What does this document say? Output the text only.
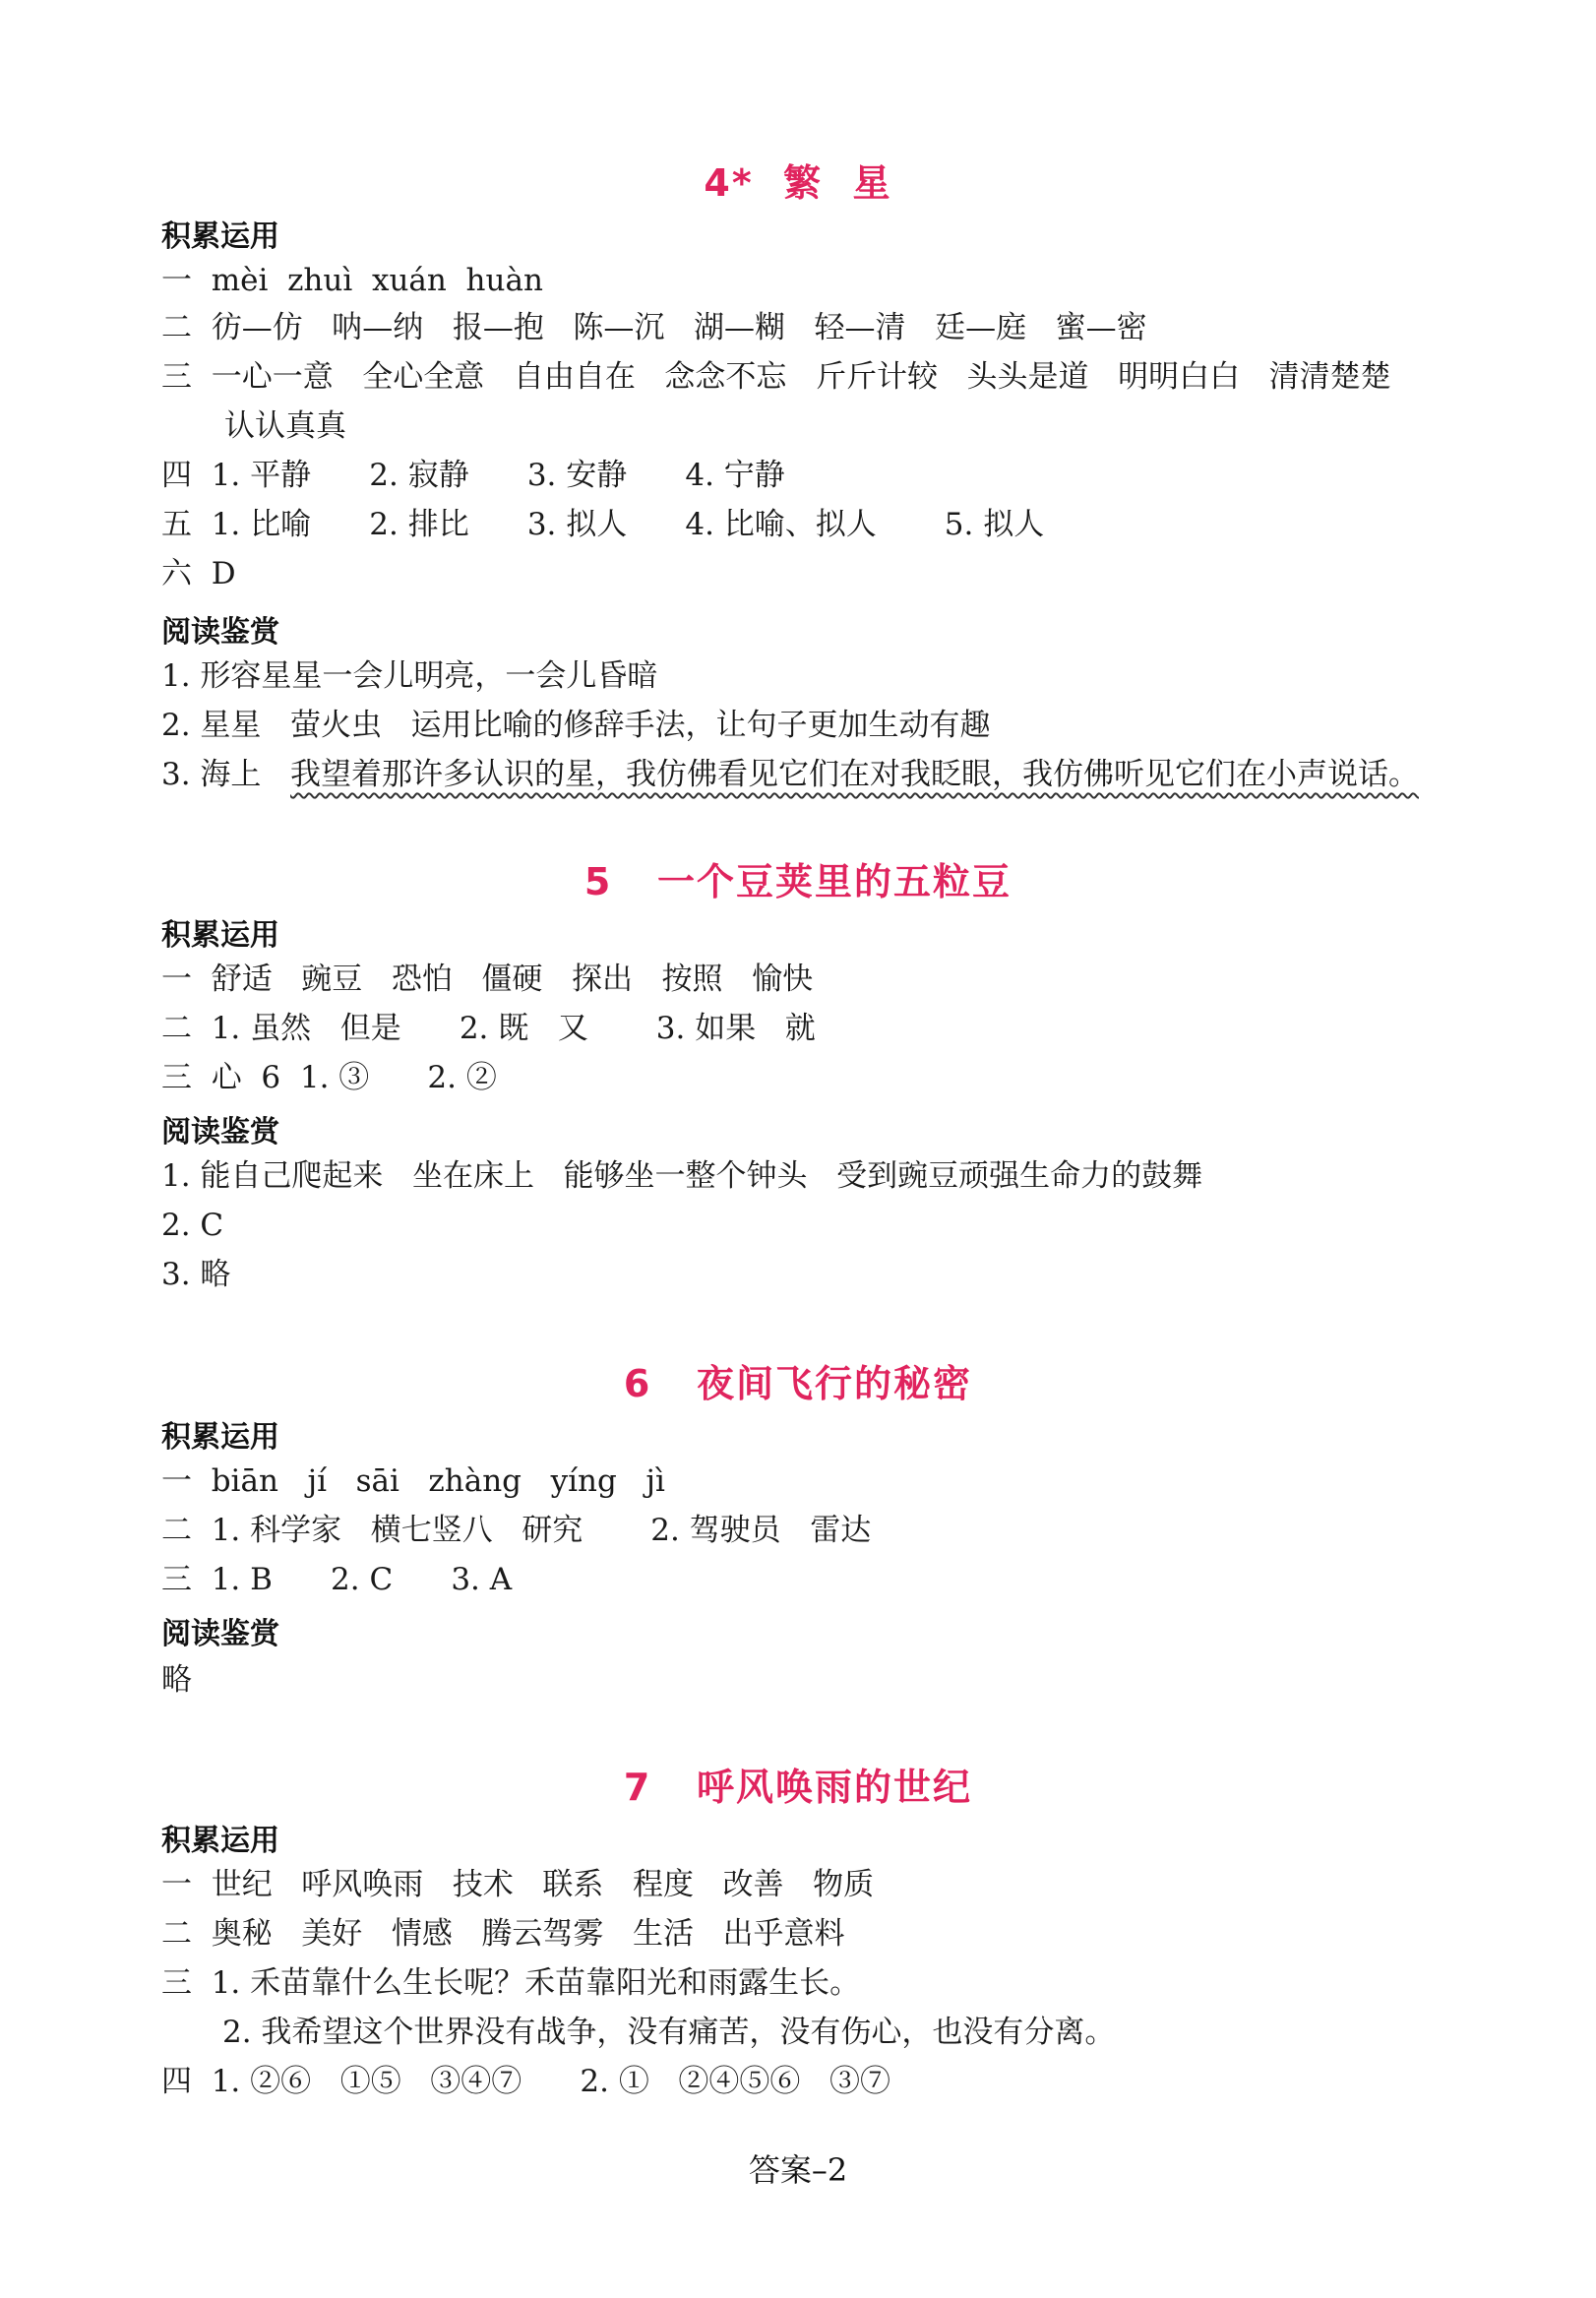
4*  繁  星
积累运用
一  mèi  zhuì  xuán  huàn
二  彷—仿   呐—纳   报—抱   陈—沉   湖—糊   轻—清   廷—庭   蜜—密
三  一心一意   全心全意   自由自在   念念不忘   斤斤计较   头头是道   明明白白   清清楚楚
认认真真
四  1. 平静      2. 寂静      3. 安静      4. 宁静
五  1. 比喻      2. 排比      3. 拟人      4. 比喻、拟人       5. 拟人
六  D
阅读鉴赏
1. 形容星星一会儿明亮，一会儿昏暗
2. 星星   萤火虫   运用比喻的修辞手法，让句子更加生动有趣
3. 海上   我望着那许多认识的星，我仿佛看见它们在对我眨眼，我仿佛听见它们在小声说话。
5   一个豆荚里的五粒豆
积累运用
一  舒适   豌豆   恐怕   僵硬   探出   按照   愉快
二  1. 虽然   但是      2. 既   又       3. 如果   就
三  心  6  1. ③      2. ②
阅读鉴赏
1. 能自己爬起来   坐在床上   能够坐一整个钟头   受到豌豆顽强生命力的鼓舞
2. C
3. 略
6   夜间飞行的秘密
积累运用
一  biān   jí   sāi   zhàng   yíng   jì
二  1. 科学家   横七竖八   研究       2. 驾驶员   雷达
三  1. B      2. C      3. A
阅读鉴赏
略
7   呼风唤雨的世纪
积累运用
一  世纪   呼风唤雨   技术   联系   程度   改善   物质
二  奥秘   美好   情感   腾云驾雾   生活   出乎意料
三  1. 禾苗靠什么生长呢？禾苗靠阳光和雨露生长。
2. 我希望这个世界没有战争，没有痛苦，没有伤心，也没有分离。
四  1. ②⑥   ①⑤   ③④⑦      2. ①   ②④⑤⑥   ③⑦
答案–2
